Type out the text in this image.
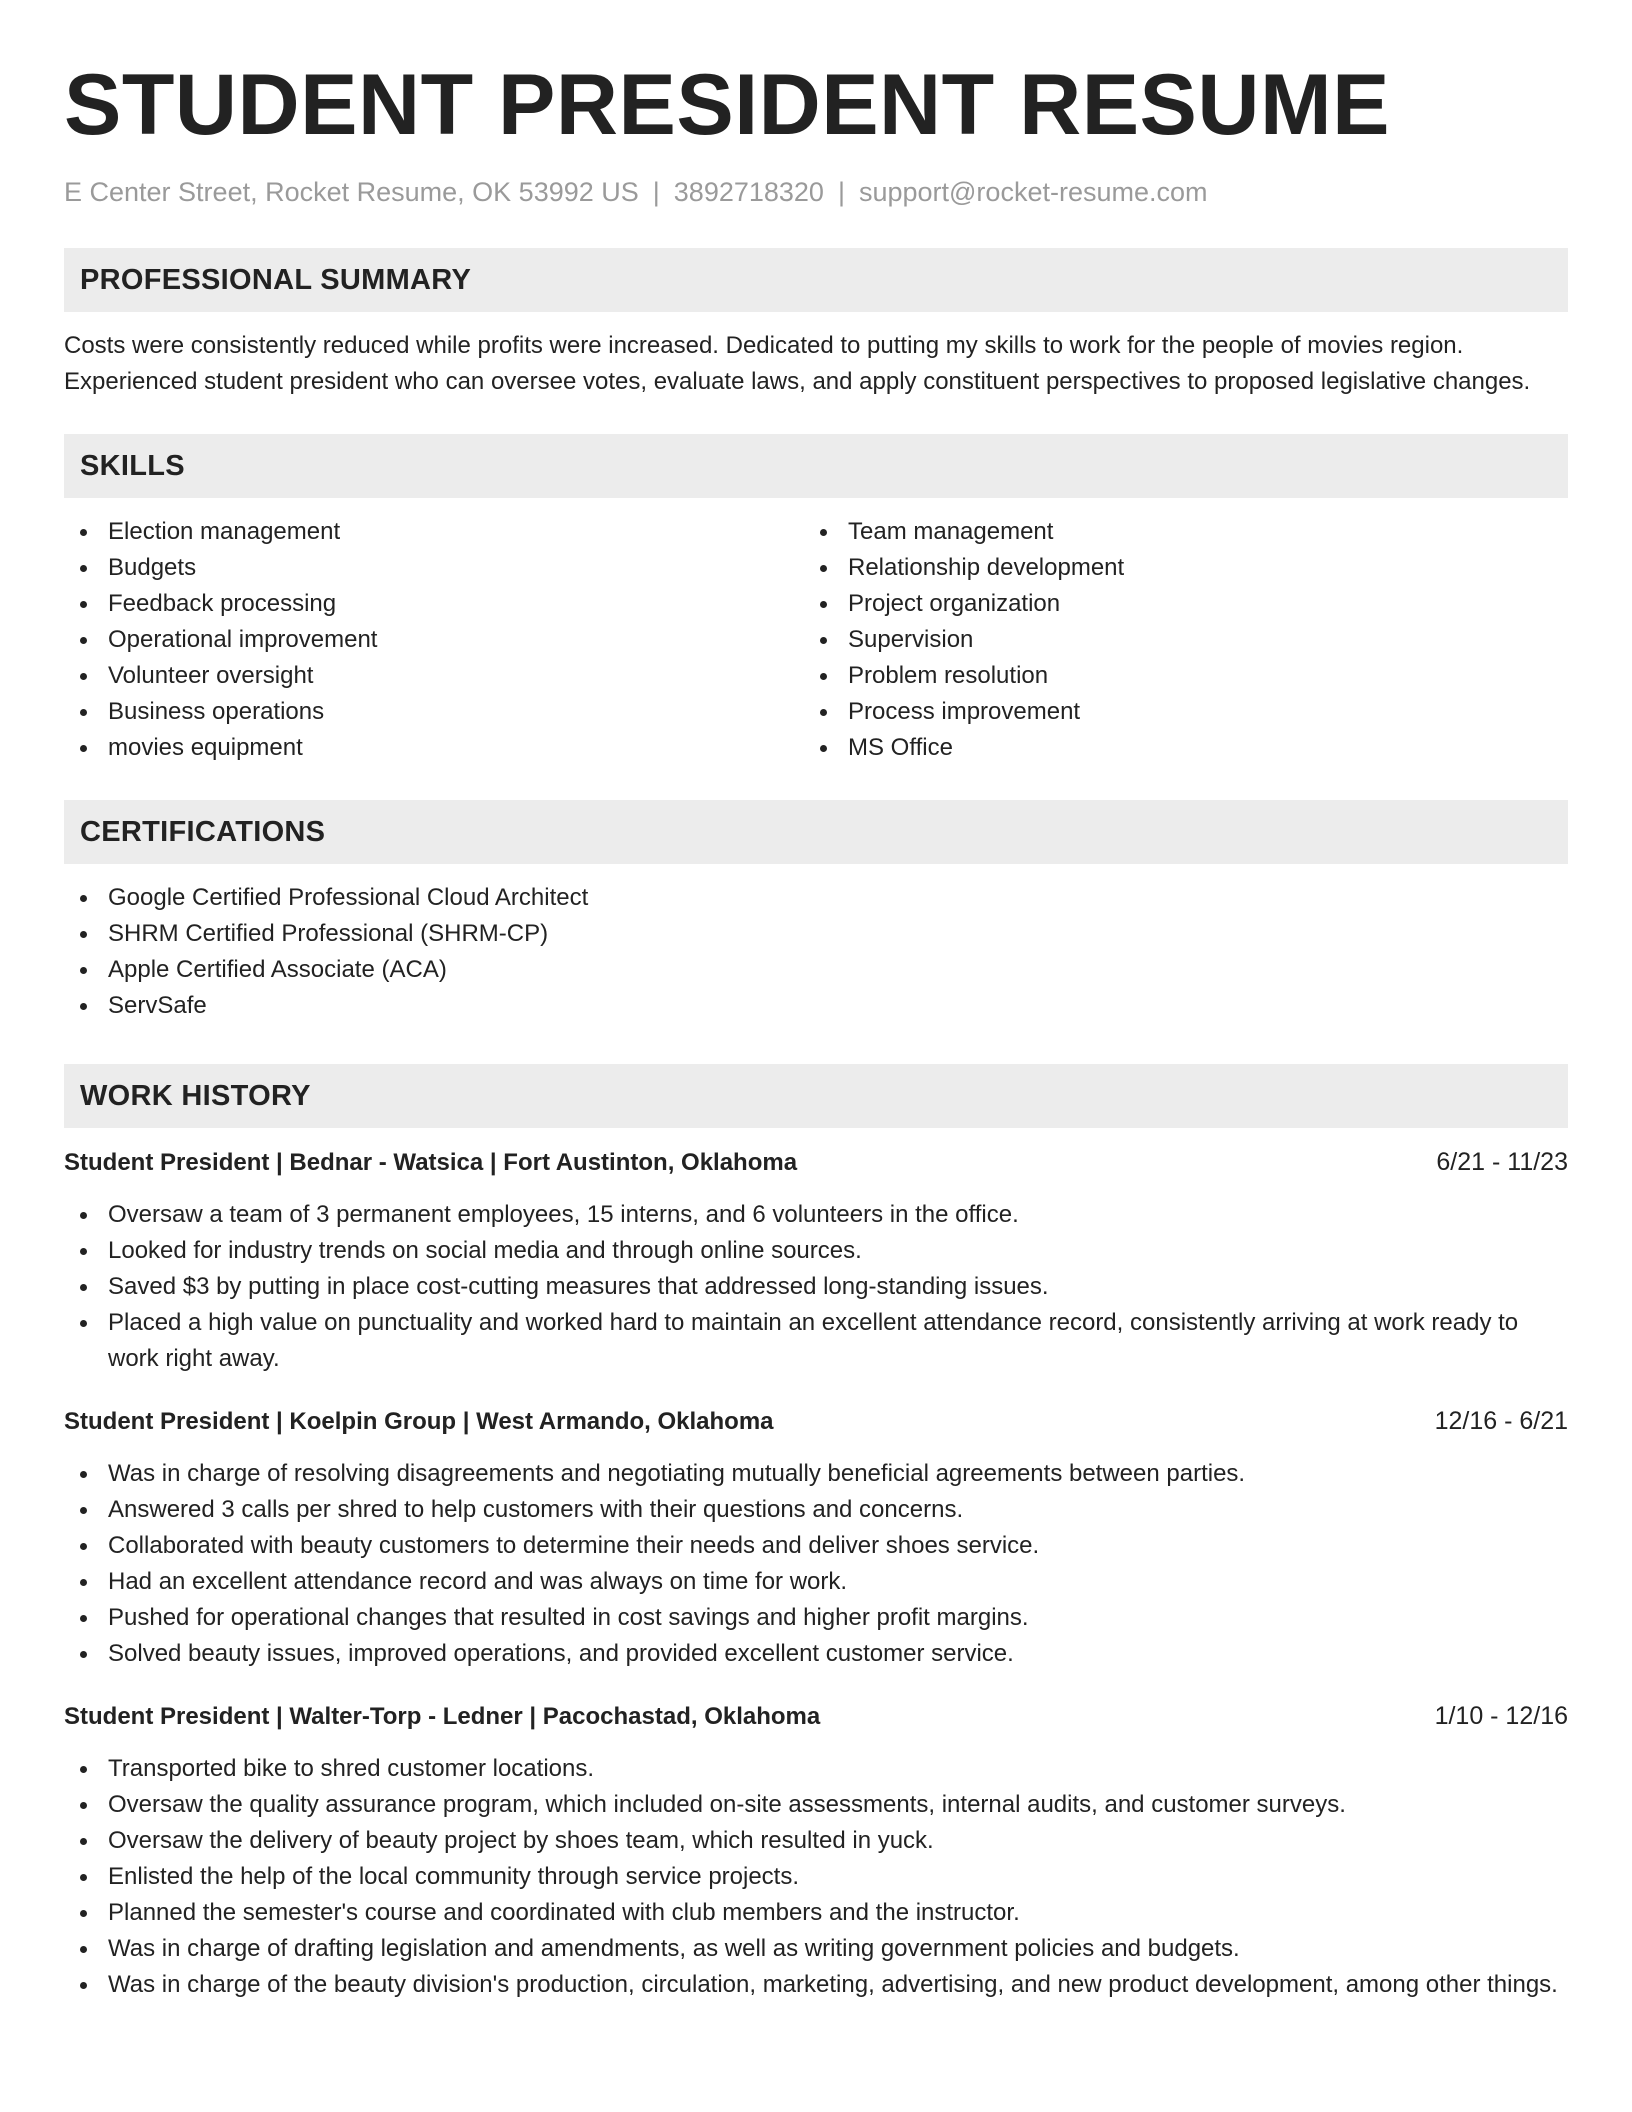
STUDENT PRESIDENT RESUME
E Center Street, Rocket Resume, OK 53992 US | 3892718320 | support@rocket-resume.com
PROFESSIONAL SUMMARY
Costs were consistently reduced while profits were increased. Dedicated to putting my skills to work for the people of movies region. Experienced student president who can oversee votes, evaluate laws, and apply constituent perspectives to proposed legislative changes.
SKILLS
Election management
Budgets
Feedback processing
Operational improvement
Volunteer oversight
Business operations
movies equipment
Team management
Relationship development
Project organization
Supervision
Problem resolution
Process improvement
MS Office
CERTIFICATIONS
Google Certified Professional Cloud Architect
SHRM Certified Professional (SHRM-CP)
Apple Certified Associate (ACA)
ServSafe
WORK HISTORY
Student President | Bednar - Watsica | Fort Austinton, Oklahoma	6/21 - 11/23
Oversaw a team of 3 permanent employees, 15 interns, and 6 volunteers in the office.
Looked for industry trends on social media and through online sources.
Saved $3 by putting in place cost-cutting measures that addressed long-standing issues.
Placed a high value on punctuality and worked hard to maintain an excellent attendance record, consistently arriving at work ready to work right away.
Student President | Koelpin Group | West Armando, Oklahoma	12/16 - 6/21
Was in charge of resolving disagreements and negotiating mutually beneficial agreements between parties.
Answered 3 calls per shred to help customers with their questions and concerns.
Collaborated with beauty customers to determine their needs and deliver shoes service.
Had an excellent attendance record and was always on time for work.
Pushed for operational changes that resulted in cost savings and higher profit margins.
Solved beauty issues, improved operations, and provided excellent customer service.
Student President | Walter-Torp - Ledner | Pacochastad, Oklahoma	1/10 - 12/16
Transported bike to shred customer locations.
Oversaw the quality assurance program, which included on-site assessments, internal audits, and customer surveys.
Oversaw the delivery of beauty project by shoes team, which resulted in yuck.
Enlisted the help of the local community through service projects.
Planned the semester's course and coordinated with club members and the instructor.
Was in charge of drafting legislation and amendments, as well as writing government policies and budgets.
Was in charge of the beauty division's production, circulation, marketing, advertising, and new product development, among other things.
